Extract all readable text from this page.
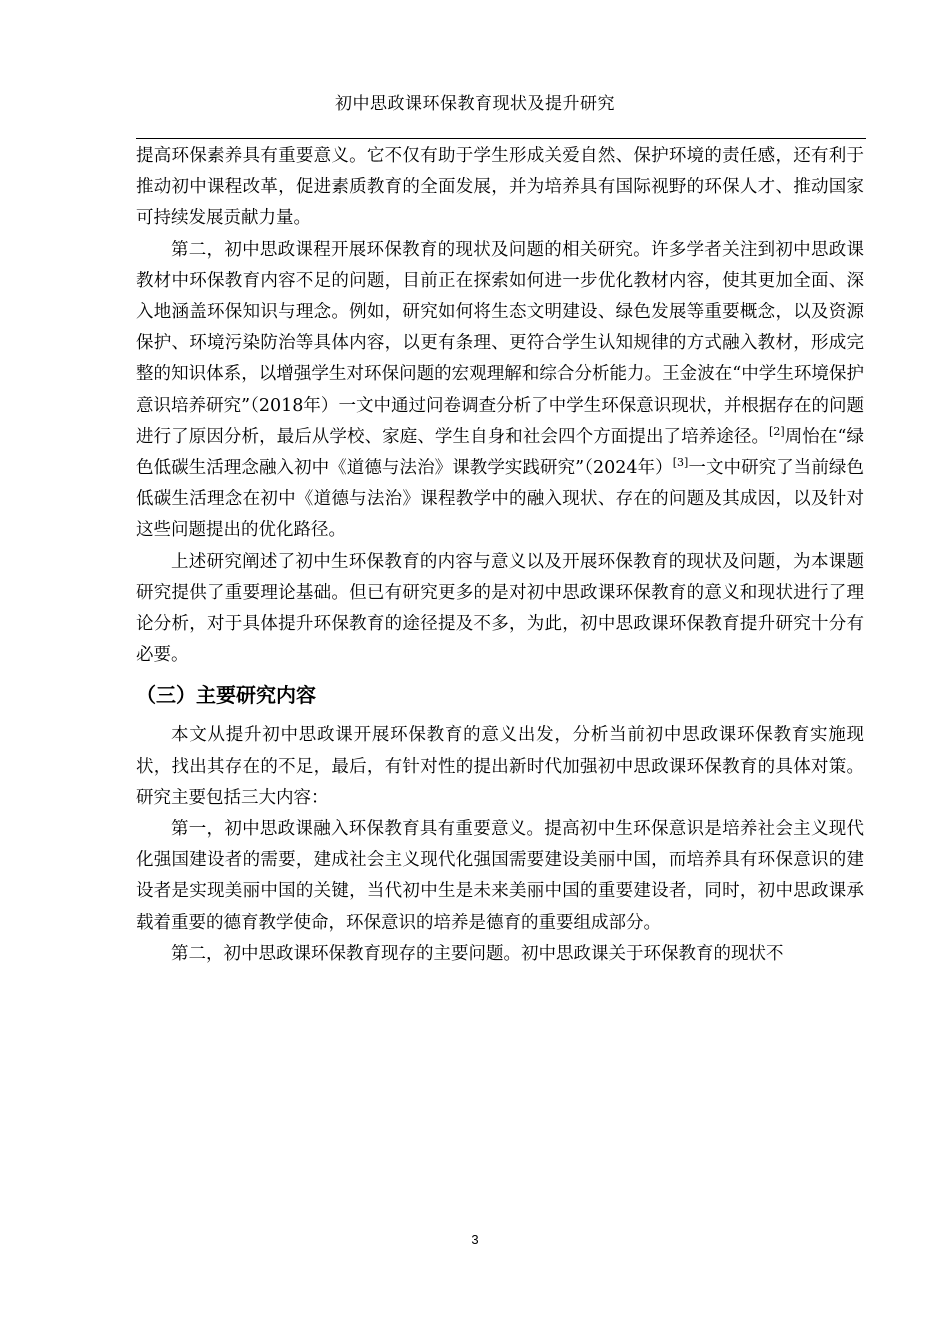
初中思政课环保教育现状及提升研究

提高环保素养具有重要意义。它不仅有助于学生形成关爱自然、保护环境的责任感，还有利于推动初中课程改革，促进素质教育的全面发展，并为培养具有国际视野的环保人才、推动国家可持续发展贡献力量。

第二，初中思政课程开展环保教育的现状及问题的相关研究。许多学者关注到初中思政课教材中环保教育内容不足的问题，目前正在探索如何进一步优化教材内容，使其更加全面、深入地涵盖环保知识与理念。例如，研究如何将生态文明建设、绿色发展等重要概念，以及资源保护、环境污染防治等具体内容，以更有条理、更符合学生认知规律的方式融入教材，形成完整的知识体系，以增强学生对环保问题的宏观理解和综合分析能力。王金波在“中学生环境保护意识培养研究”（2018年）一文中通过问卷调查分析了中学生环保意识现状，并根据存在的问题进行了原因分析，最后从学校、家庭、学生自身和社会四个方面提出了培养途径。[2]周怡在“绿色低碳生活理念融入初中《道德与法治》课教学实践研究”（2024年）[3]一文中研究了当前绿色低碳生活理念在初中《道德与法治》课程教学中的融入现状、存在的问题及其成因，以及针对这些问题提出的优化路径。

上述研究阐述了初中生环保教育的内容与意义以及开展环保教育的现状及问题，为本课题研究提供了重要理论基础。但已有研究更多的是对初中思政课环保教育的意义和现状进行了理论分析，对于具体提升环保教育的途径提及不多，为此，初中思政课环保教育提升研究十分有必要。

（三）主要研究内容

本文从提升初中思政课开展环保教育的意义出发，分析当前初中思政课环保教育实施现状，找出其存在的不足，最后，有针对性的提出新时代加强初中思政课环保教育的具体对策。研究主要包括三大内容：

第一，初中思政课融入环保教育具有重要意义。提高初中生环保意识是培养社会主义现代化强国建设者的需要，建成社会主义现代化强国需要建设美丽中国，而培养具有环保意识的建设者是实现美丽中国的关键，当代初中生是未来美丽中国的重要建设者，同时，初中思政课承载着重要的德育教学使命，环保意识的培养是德育的重要组成部分。

第二，初中思政课环保教育现存的主要问题。初中思政课关于环保教育的现状不

3
